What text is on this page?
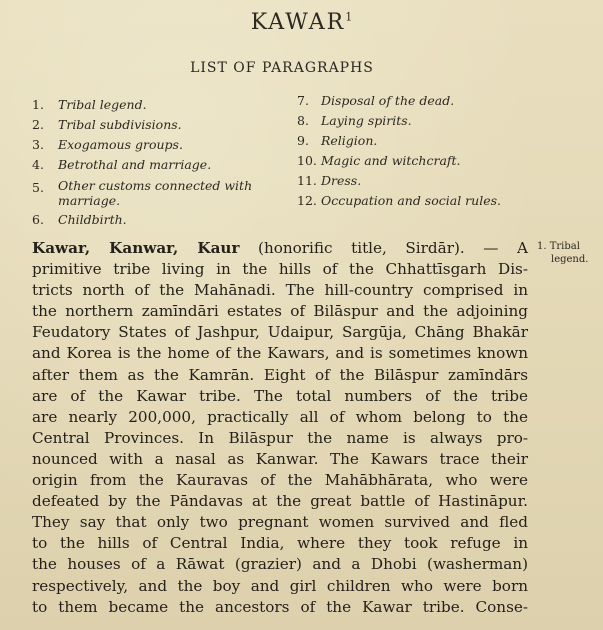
KAWAR$^1$
LIST OF PARAGRAPHS
1.	Tribal legend.
2.	Tribal subdivisions.
3.	Exogamous groups.
4.	Betrothal and marriage.
5.	Other customs connected with
marriage.
6.	Childbirth.
7. Disposal of the dead.
8. Laying spirits.
9. Religion.
10. Magic and witchcraft.
11. Dress.
12. Occupation and social rules.
1. Tribal
legend.
Kawar, Kanwar, Kaur (honorific title, Sirdār). — A
primitive tribe living in the hills of the Chhattīsgarh Dis-
tricts north of the Mahānadi. The hill-country comprised in
the northern zamīndāri estates of Bilāspur and the adjoining
Feudatory States of Jashpur, Udaipur, Sargūja, Chāng Bhakār
and Korea is the home of the Kawars, and is sometimes known
after them as the Kamrān. Eight of the Bilāspur zamīndārs
are of the Kawar tribe. The total numbers of the tribe
are nearly 200,000, practically all of whom belong to the
Central Provinces. In Bilāspur the name is always pro-
nounced with a nasal as Kanwar. The Kawars trace their
origin from the Kauravas of the Mahābhārata, who were
defeated by the Pāndavas at the great battle of Hastināpur.
They say that only two pregnant women survived and fled
to the hills of Central India, where they took refuge in
the houses of a Rāwat (grazier) and a Dhobi (washerman)
respectively, and the boy and girl children who were born
to them became the ancestors of the Kawar tribe. Conse-
